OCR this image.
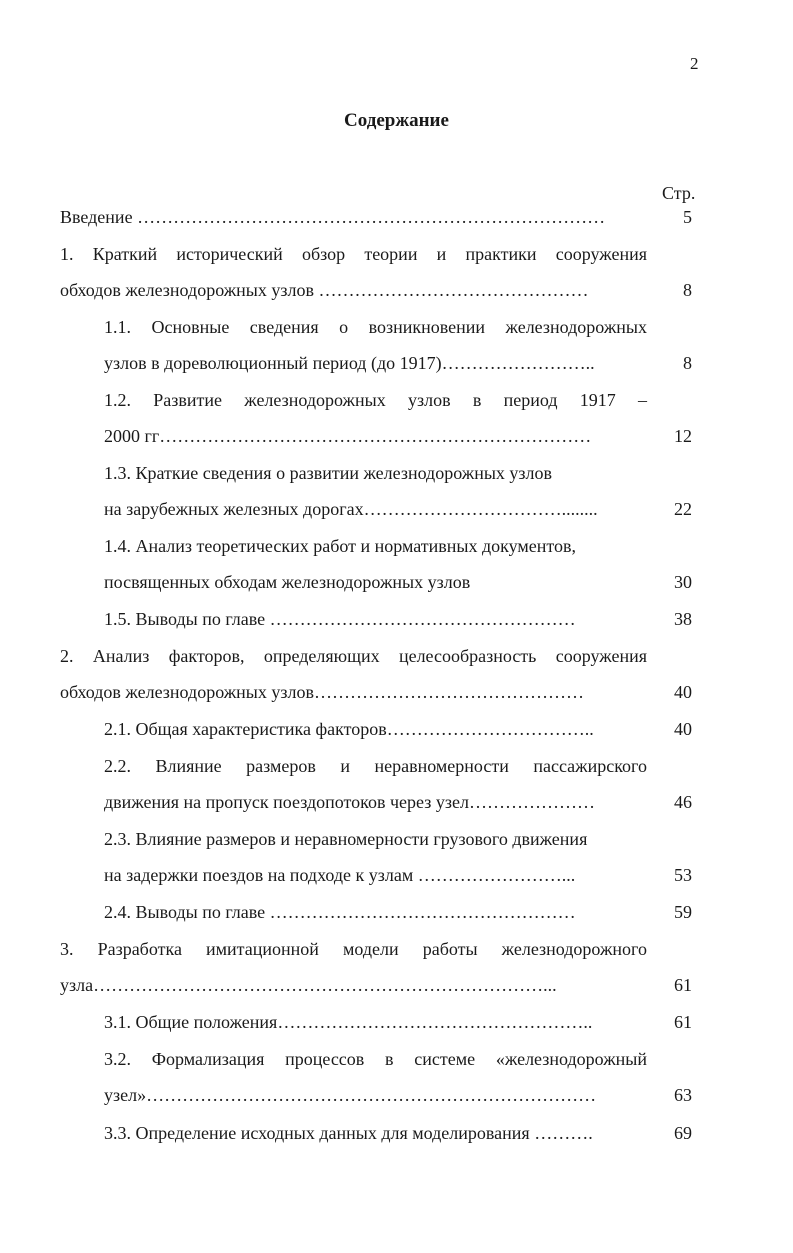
2
Содержание
Стр.
Введение ……………………………………………………………………	5
1. Краткий исторический обзор теории и практики сооружения
обходов железнодорожных узлов ………………………………………	8
1.1. Основные сведения о возникновении железнодорожных
узлов в дореволюционный период (до 1917)……………………..	8
1.2. Развитие железнодорожных узлов в период 1917 –
2000 гг………………………………………………………………	12
1.3. Краткие сведения о развитии железнодорожных узлов
на зарубежных железных дорогах……………………………........	22
1.4. Анализ теоретических работ и нормативных документов,
посвященных обходам железнодорожных узлов	30
1.5. Выводы по главе ……………………………………………	38
2. Анализ факторов, определяющих целесообразность сооружения
обходов железнодорожных узлов………………………………………	40
2.1. Общая характеристика факторов……………………………..	40
2.2. Влияние размеров и неравномерности пассажирского
движения на пропуск поездопотоков через узел…………………	46
2.3. Влияние размеров и неравномерности грузового движения
на задержки поездов на подходе к узлам ……………………...	53
2.4. Выводы по главе ……………………………………………	59
3. Разработка имитационной модели работы железнодорожного
узла…………………………………………………………………...	61
3.1. Общие положения……………………………………………..	61
3.2. Формализация процессов в системе «железнодорожный
узел»…………………………………………………………………	63
3.3. Определение исходных данных для моделирования ……….	69
